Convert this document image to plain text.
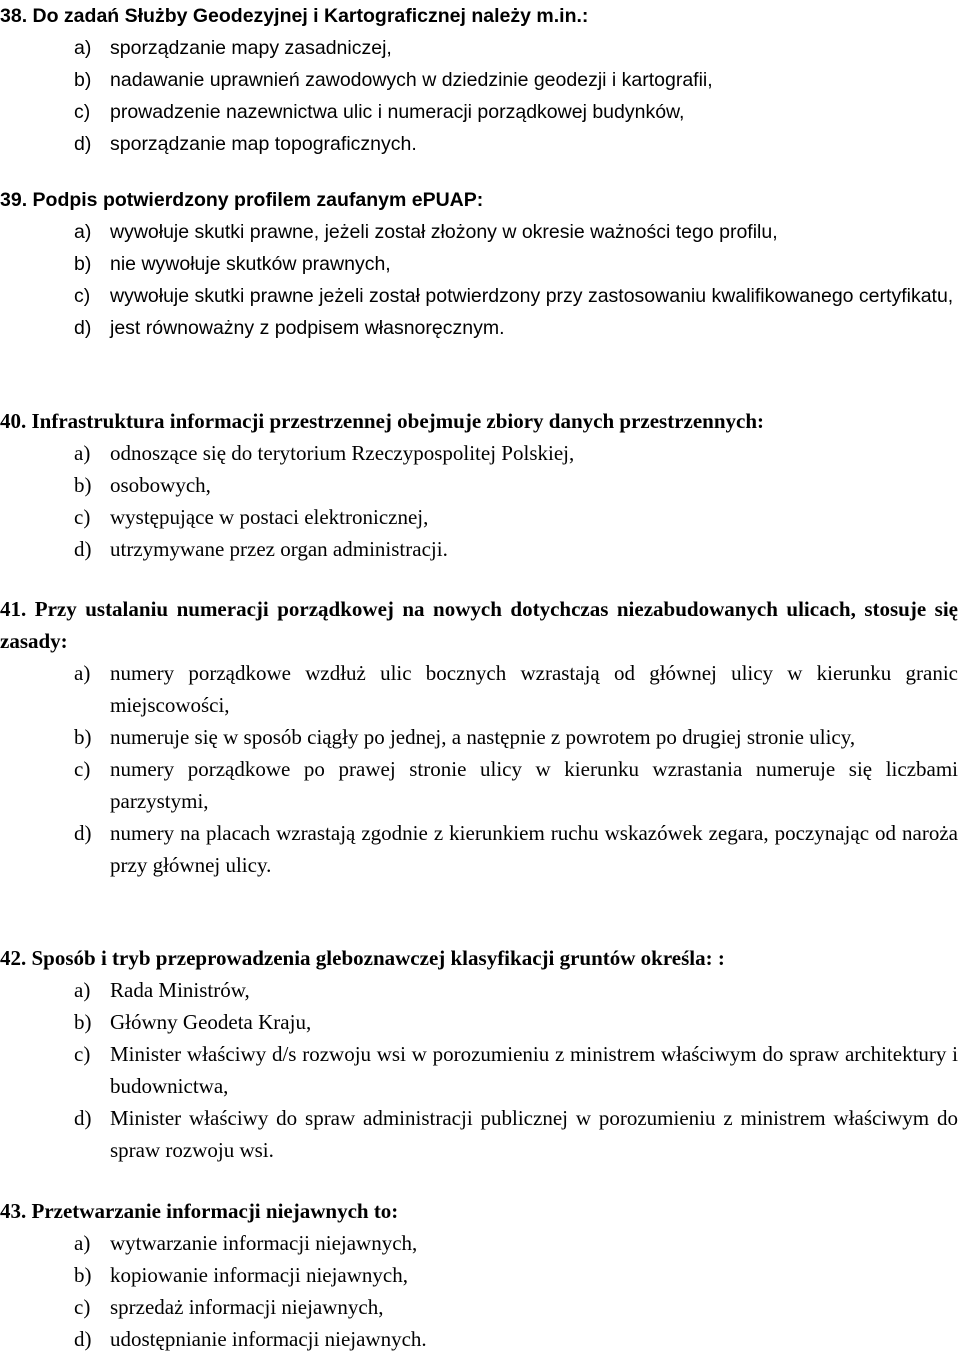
38. Do zadań Służby Geodezyjnej i Kartograficznej należy m.in.:
a) sporządzanie mapy zasadniczej,
b) nadawanie uprawnień zawodowych w dziedzinie geodezji i kartografii,
c) prowadzenie nazewnictwa ulic i numeracji porządkowej budynków,
d) sporządzanie map topograficznych.
39. Podpis potwierdzony profilem zaufanym ePUAP:
a) wywołuje skutki prawne, jeżeli został złożony w okresie ważności tego profilu,
b) nie wywołuje skutków prawnych,
c) wywołuje skutki prawne jeżeli został potwierdzony przy zastosowaniu kwalifikowanego certyfikatu,
d) jest równoważny z podpisem własnoręcznym.
40. Infrastruktura informacji przestrzennej obejmuje zbiory danych przestrzennych:
a) odnoszące się do terytorium Rzeczypospolitej Polskiej,
b) osobowych,
c) występujące w postaci elektronicznej,
d) utrzymywane przez organ administracji.
41. Przy ustalaniu numeracji porządkowej na nowych dotychczas niezabudowanych ulicach, stosuje się zasady:
a) numery porządkowe wzdłuż ulic bocznych wzrastają od głównej ulicy w kierunku granic miejscowości,
b) numeruje się w sposób ciągły po jednej, a następnie z powrotem po drugiej stronie ulicy,
c) numery porządkowe po prawej stronie ulicy w kierunku wzrastania numeruje się liczbami parzystymi,
d) numery na placach wzrastają zgodnie z kierunkiem ruchu wskazówek zegara, poczynając od naroża przy głównej ulicy.
42. Sposób i tryb przeprowadzenia gleboznawczej klasyfikacji gruntów określa: :
a) Rada Ministrów,
b) Główny Geodeta Kraju,
c) Minister właściwy d/s rozwoju wsi w porozumieniu z ministrem właściwym do spraw architektury i budownictwa,
d) Minister właściwy do spraw administracji publicznej w porozumieniu z ministrem właściwym do spraw rozwoju wsi.
43. Przetwarzanie informacji niejawnych to:
a) wytwarzanie informacji niejawnych,
b) kopiowanie informacji niejawnych,
c) sprzedaż informacji niejawnych,
d) udostępnianie informacji niejawnych.
